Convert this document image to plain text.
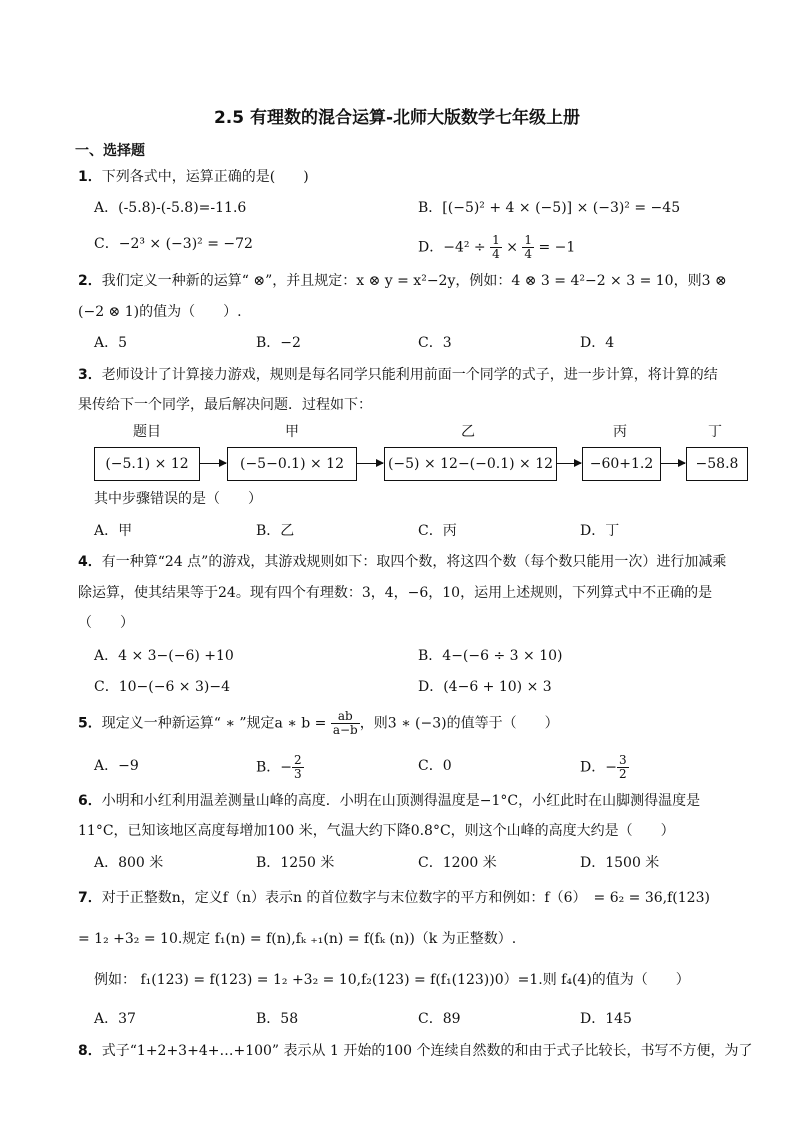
2.5 有理数的混合运算-北师大版数学七年级上册
一、选择题
1．下列各式中，运算正确的是(　　)
A．(-5.8)-(-5.8)=-11.6	B．[(−5)² + 4 × (−5)] × (−3)² = −45
C．−2³ × (−3)² = −72	D．$-4^2 \div \frac{1}{4} \times \frac{1}{4} = -1$
2．我们定义一种新的运算“ ⊗”，并且规定：x ⊗ y = x²−2y，例如：4 ⊗ 3 = 4²−2 × 3 = 10，则3 ⊗
(−2 ⊗ 1)的值为（　　）.
A．5	B．−2	C．3	D．4
3．老师设计了计算接力游戏，规则是每名同学只能利用前面一个同学的式子，进一步计算，将计算的结
果传给下一个同学，最后解决问题．过程如下：
题目	甲	乙	丙	丁
(−5.1) × 12	(−5−0.1) × 12	(−5) × 12−(−0.1) × 12	−60+1.2	−58.8
其中步骤错误的是（　　）
A．甲	B．乙	C．丙	D．丁
4．有一种算“24 点”的游戏，其游戏规则如下：取四个数，将这四个数（每个数只能用一次）进行加减乘
除运算，使其结果等于24。现有四个有理数：3，4，−6，10，运用上述规则，下列算式中不正确的是
（　　）
A．4 × 3−(−6) +10	B．4−(−6 ÷ 3 × 10)
C．10−(−6 × 3)−4	D．(4−6 + 10) × 3
5．现定义一种新运算“ ∗ ”规定a ∗ $b = \frac{ab}{a-b}$ ，则3 ∗ (−3)的值等于（　　）
A．−9	B．− $\frac{2}{3}$	C．0	D．− $\frac{3}{2}$
6．小明和小红利用温差测量山峰的高度．小明在山顶测得温度是−1°C，小红此时在山脚测得温度是
11°C，已知该地区高度每增加100 米，气温大约下降0.8°C，则这个山峰的高度大约是（　　）
A．800 米	B．1250 米	C．1200 米	D．1500 米
7．对于正整数n，定义f（n）表示n 的首位数字与末位数字的平方和例如：f（6）　= 6₂ = 36,f(123)
= 1₂ +3₂ = 10.规定 f₁(n) = f(n),fₖ ₊₁(n) = f(fₖ (n))（k 为正整数）.
例如： f₁(123) = f(123) = 1₂ +3₂ = 10,f₂(123) = f(f₁(123))0）=1.则 f₄(4)的值为（　　）
A．37	B．58	C．89	D．145
8．式子“1+2+3+4+…+100” 表示从 1 开始的100 个连续自然数的和由于式子比较长，书写不方便，为了
